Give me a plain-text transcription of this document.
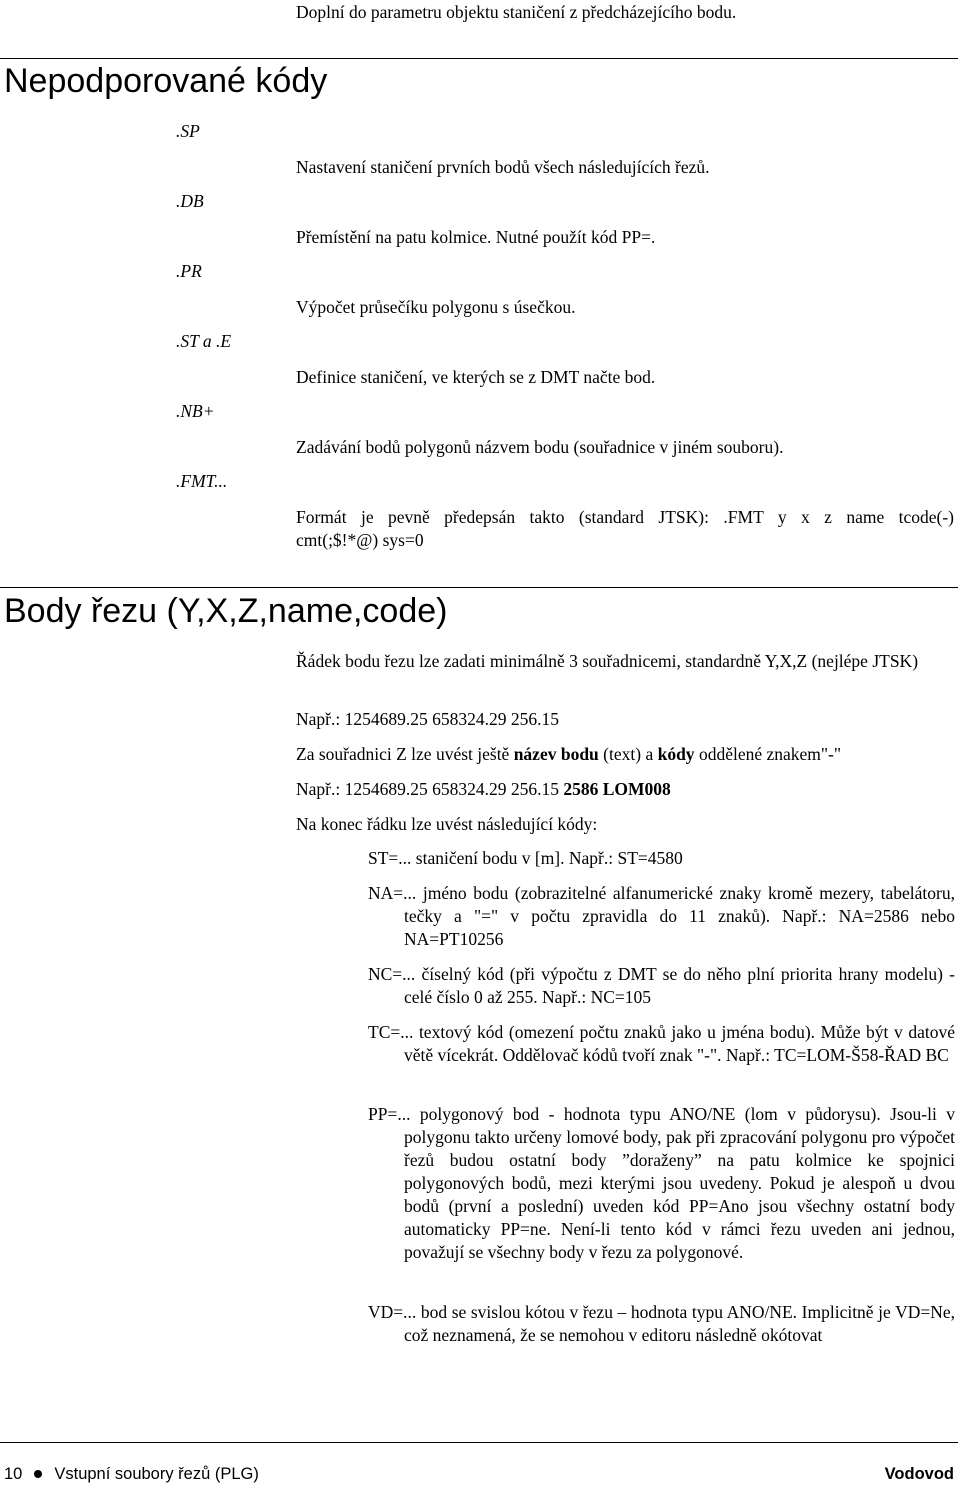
Doplní do parametru objektu staničení z předcházejícího bodu.
Nepodporované kódy
.SP
Nastavení staničení prvních bodů všech následujících řezů.
.DB
Přemístění na patu kolmice. Nutné použít kód PP=.
.PR
Výpočet průsečíku polygonu s úsečkou.
.ST a .E
Definice staničení, ve kterých se z DMT načte bod.
.NB+
Zadávání bodů polygonů názvem bodu (souřadnice v jiném souboru).
.FMT...
Formát je pevně předepsán takto (standard JTSK): .FMT y x z name tcode(-)
cmt(;$!*@) sys=0
Body řezu (Y,X,Z,name,code)
Řádek bodu řezu lze zadati minimálně 3 souřadnicemi, standardně Y,X,Z (nejlépe JTSK)
Např.: 1254689.25 658324.29 256.15
Za souřadnici Z lze uvést ještě název bodu (text) a kódy oddělené znakem"-"
Např.: 1254689.25 658324.29 256.15 2586 LOM008
Na konec řádku lze uvést následující kódy:
ST=... staničení bodu v [m]. Např.: ST=4580
NA=... jméno bodu (zobrazitelné alfanumerické znaky kromě mezery, tabelátoru, tečky a "=" v počtu zpravidla do 11 znaků). Např.: NA=2586 nebo NA=PT10256
NC=... číselný kód (při výpočtu z DMT se do něho plní priorita hrany modelu) - celé číslo 0 až 255. Např.: NC=105
TC=... textový kód (omezení počtu znaků jako u jména bodu). Může být v datové větě vícekrát. Oddělovač kódů tvoří znak "-". Např.: TC=LOM-Š58-ŘAD BC
PP=... polygonový bod - hodnota typu ANO/NE (lom v půdorysu). Jsou-li v polygonu takto určeny lomové body, pak při zpracování polygonu pro výpočet řezů budou ostatní body ”doraženy” na patu kolmice ke spojnici polygonových bodů, mezi kterými jsou uvedeny. Pokud je alespoň u dvou bodů (první a poslední) uveden kód PP=Ano jsou všechny ostatní body automaticky PP=ne. Není-li tento kód v rámci řezu uveden ani jednou, považují se všechny body v řezu za polygonové.
VD=... bod se svislou kótou v řezu – hodnota typu ANO/NE. Implicitně je VD=Ne, což neznamená, že se nemohou v editoru následně okótovat
10 Vstupní soubory řezů (PLG)	Vodovod
